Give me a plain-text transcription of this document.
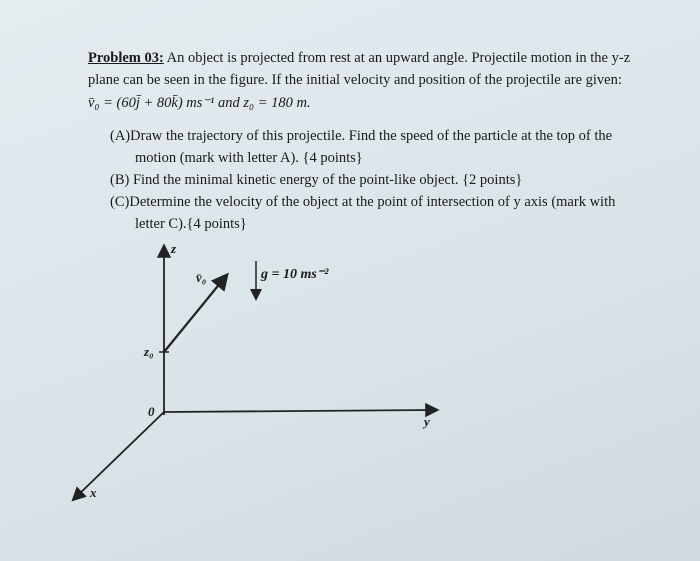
Problem 03: An object is projected from rest at an upward angle. Projectile motion in the y-z
plane can be seen in the figure. If the initial velocity and position of the projectile are given:
v̄₀ = (60j̄ + 80k̄) ms⁻¹ and z₀ = 180 m.
(A)Draw the trajectory of this projectile. Find the speed of the particle at the top of the
motion (mark with letter A). {4 points}
(B) Find the minimal kinetic energy of the point-like object. {2 points}
(C)Determine the velocity of the object at the point of intersection of y axis (mark with
letter C).{4 points}
z
y
x
0
z₀
v̄₀	g = 10 ms⁻²
